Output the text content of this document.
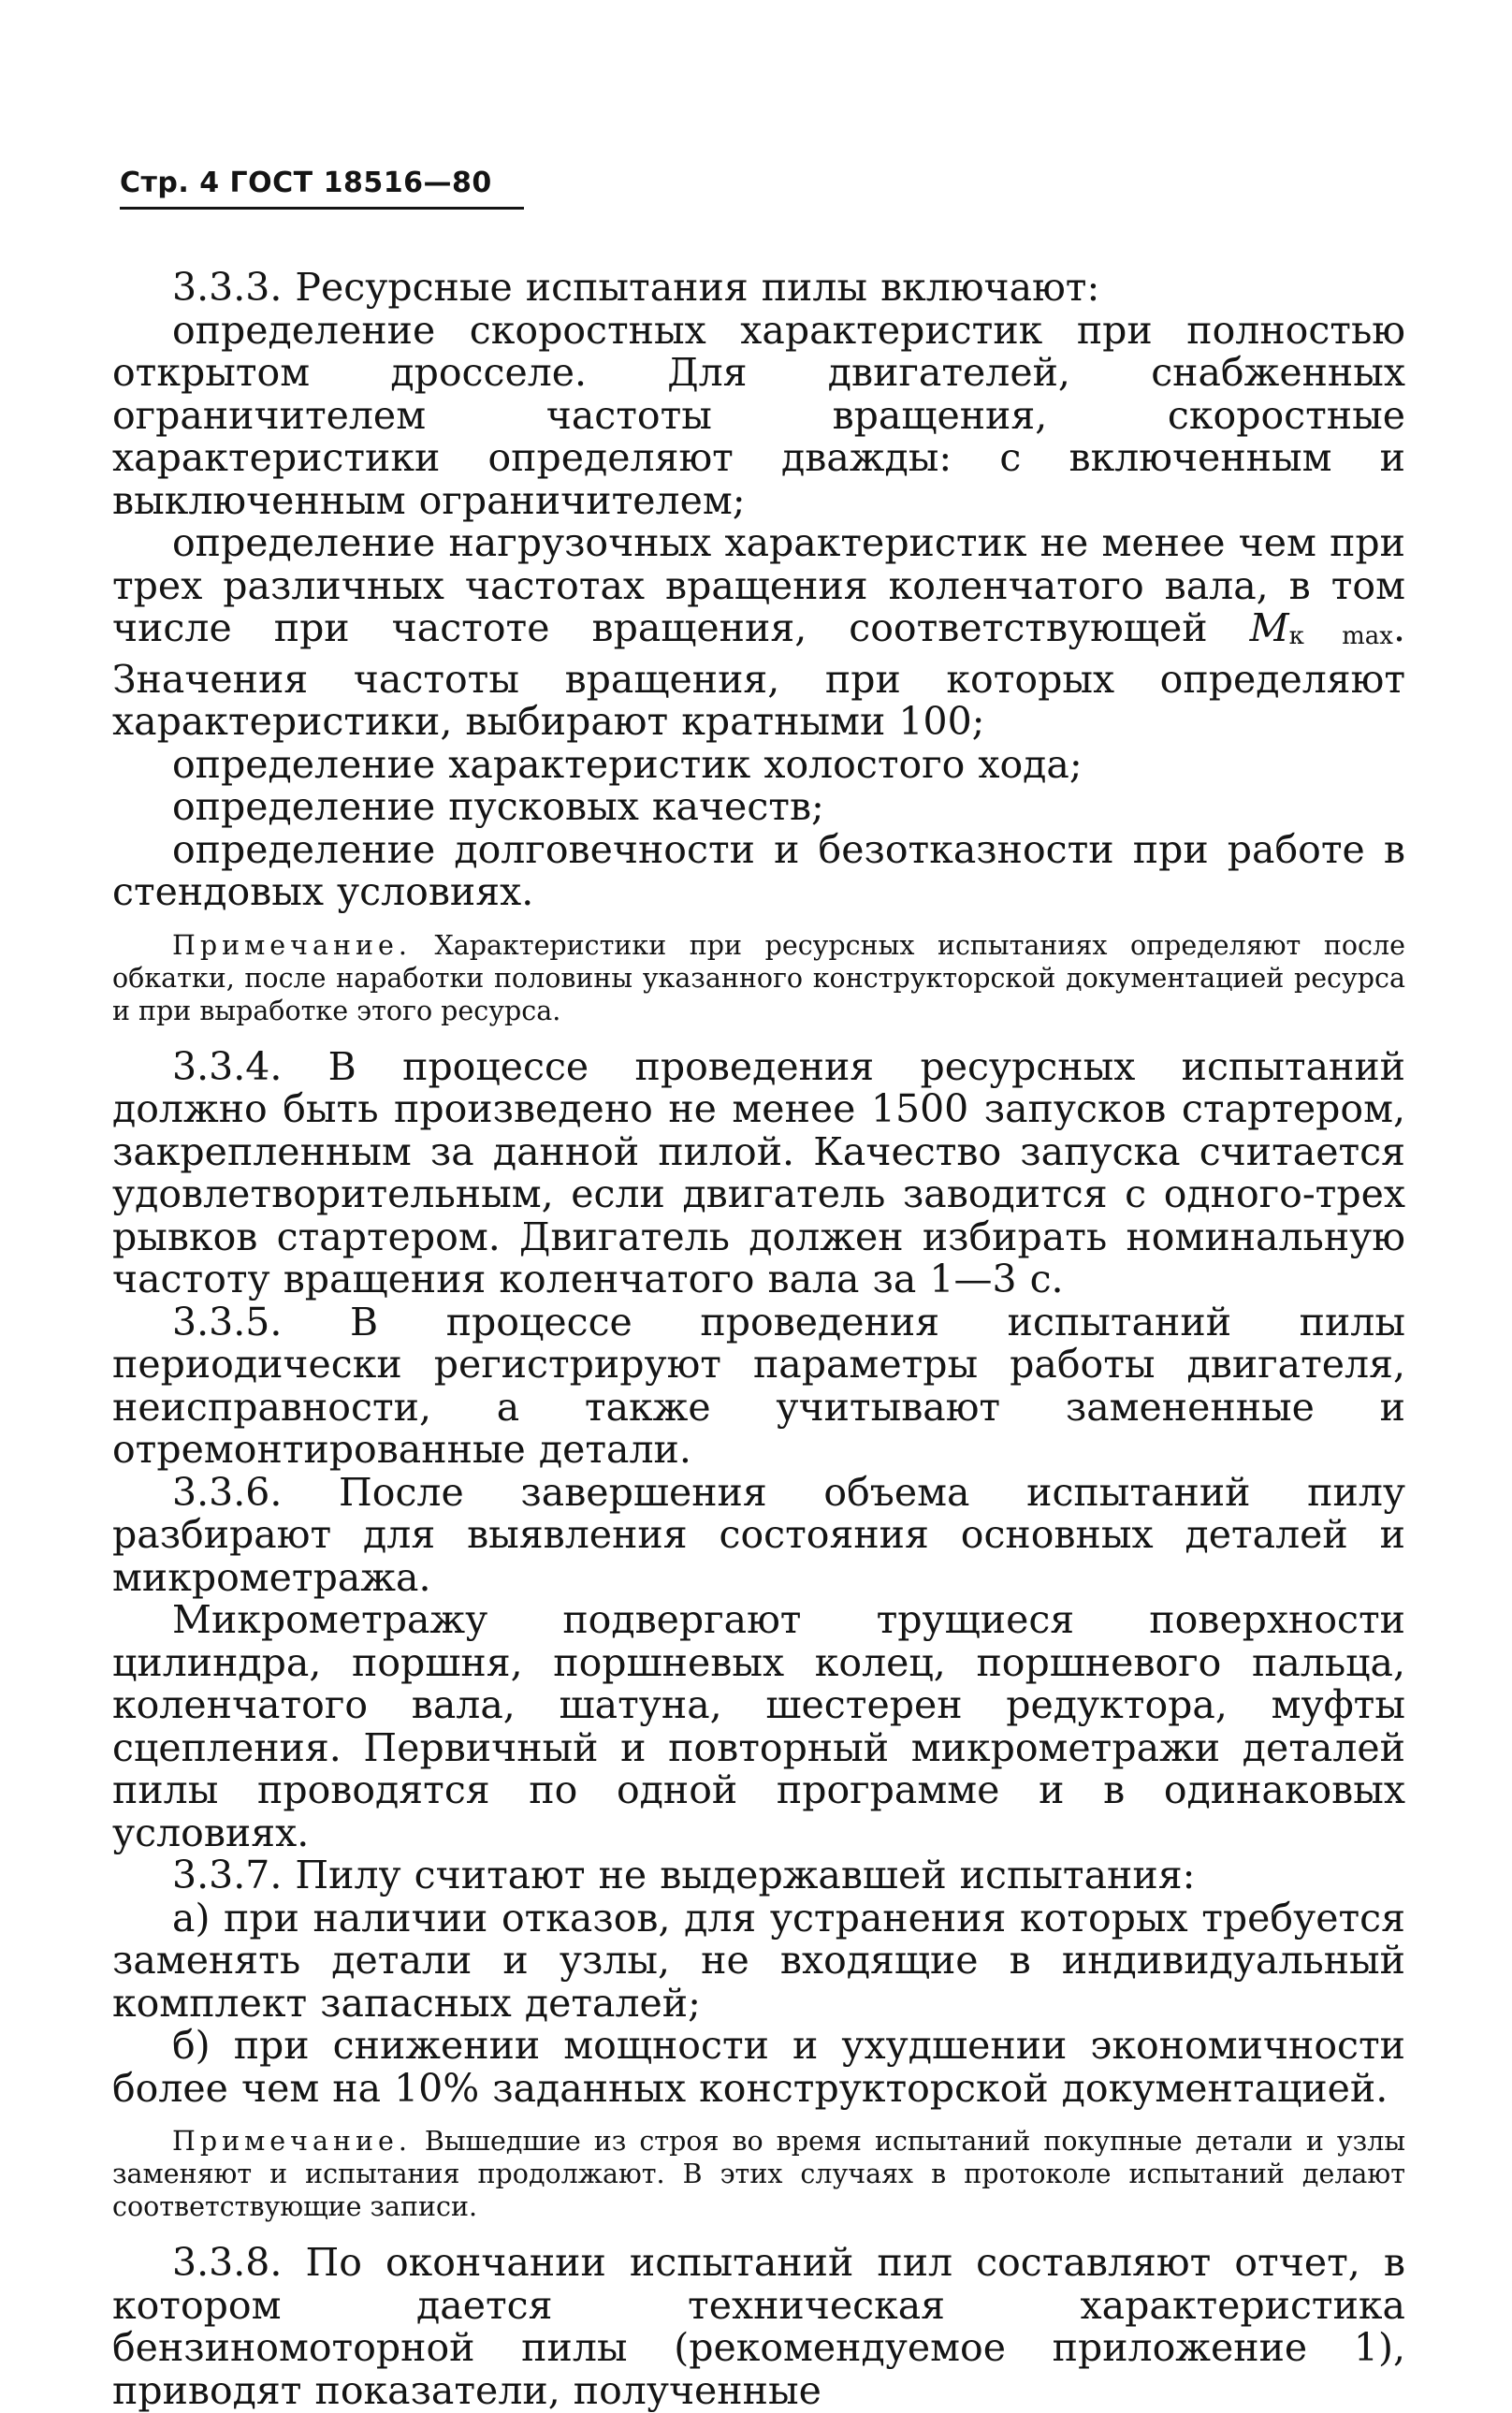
Стр. 4 ГОСТ 18516—80

3.3.3. Ресурсные испытания пилы включают:

определение скоростных характеристик при полностью открытом дросселе. Для двигателей, снабженных ограничителем частоты вращения, скоростные характеристики определяют дважды: с включенным и выключенным ограничителем;

определение нагрузочных характеристик не менее чем при трех различных частотах вращения коленчатого вала, в том числе при частоте вращения, соответствующей $М_{к max}$. Значения частоты вращения, при которых определяют характеристики, выбирают кратными 100;

определение характеристик холостого хода;

определение пусковых качеств;

определение долговечности и безотказности при работе в стендовых условиях.

Примечание. Характеристики при ресурсных испытаниях определяют после обкатки, после наработки половины указанного конструкторской документацией ресурса и при выработке этого ресурса.

3.3.4. В процессе проведения ресурсных испытаний должно быть произведено не менее 1500 запусков стартером, закрепленным за данной пилой. Качество запуска считается удовлетворительным, если двигатель заводится с одного-трех рывков стартером. Двигатель должен избирать номинальную частоту вращения коленчатого вала за 1—3 с.

3.3.5. В процессе проведения испытаний пилы периодически регистрируют параметры работы двигателя, неисправности, а также учитывают замененные и отремонтированные детали.

3.3.6. После завершения объема испытаний пилу разбирают для выявления состояния основных деталей и микрометража.

Микрометражу подвергают трущиеся поверхности цилиндра, поршня, поршневых колец, поршневого пальца, коленчатого вала, шатуна, шестерен редуктора, муфты сцепления. Первичный и повторный микрометражи деталей пилы проводятся по одной программе и в одинаковых условиях.

3.3.7. Пилу считают не выдержавшей испытания:

а) при наличии отказов, для устранения которых требуется заменять детали и узлы, не входящие в индивидуальный комплект запасных деталей;

б) при снижении мощности и ухудшении экономичности более чем на 10% заданных конструкторской документацией.

Примечание. Вышедшие из строя во время испытаний покупные детали и узлы заменяют и испытания продолжают. В этих случаях в протоколе испытаний делают соответствующие записи.

3.3.8. По окончании испытаний пил составляют отчет, в котором дается техническая характеристика бензиномоторной пилы (рекомендуемое приложение 1), приводят показатели, полученные
